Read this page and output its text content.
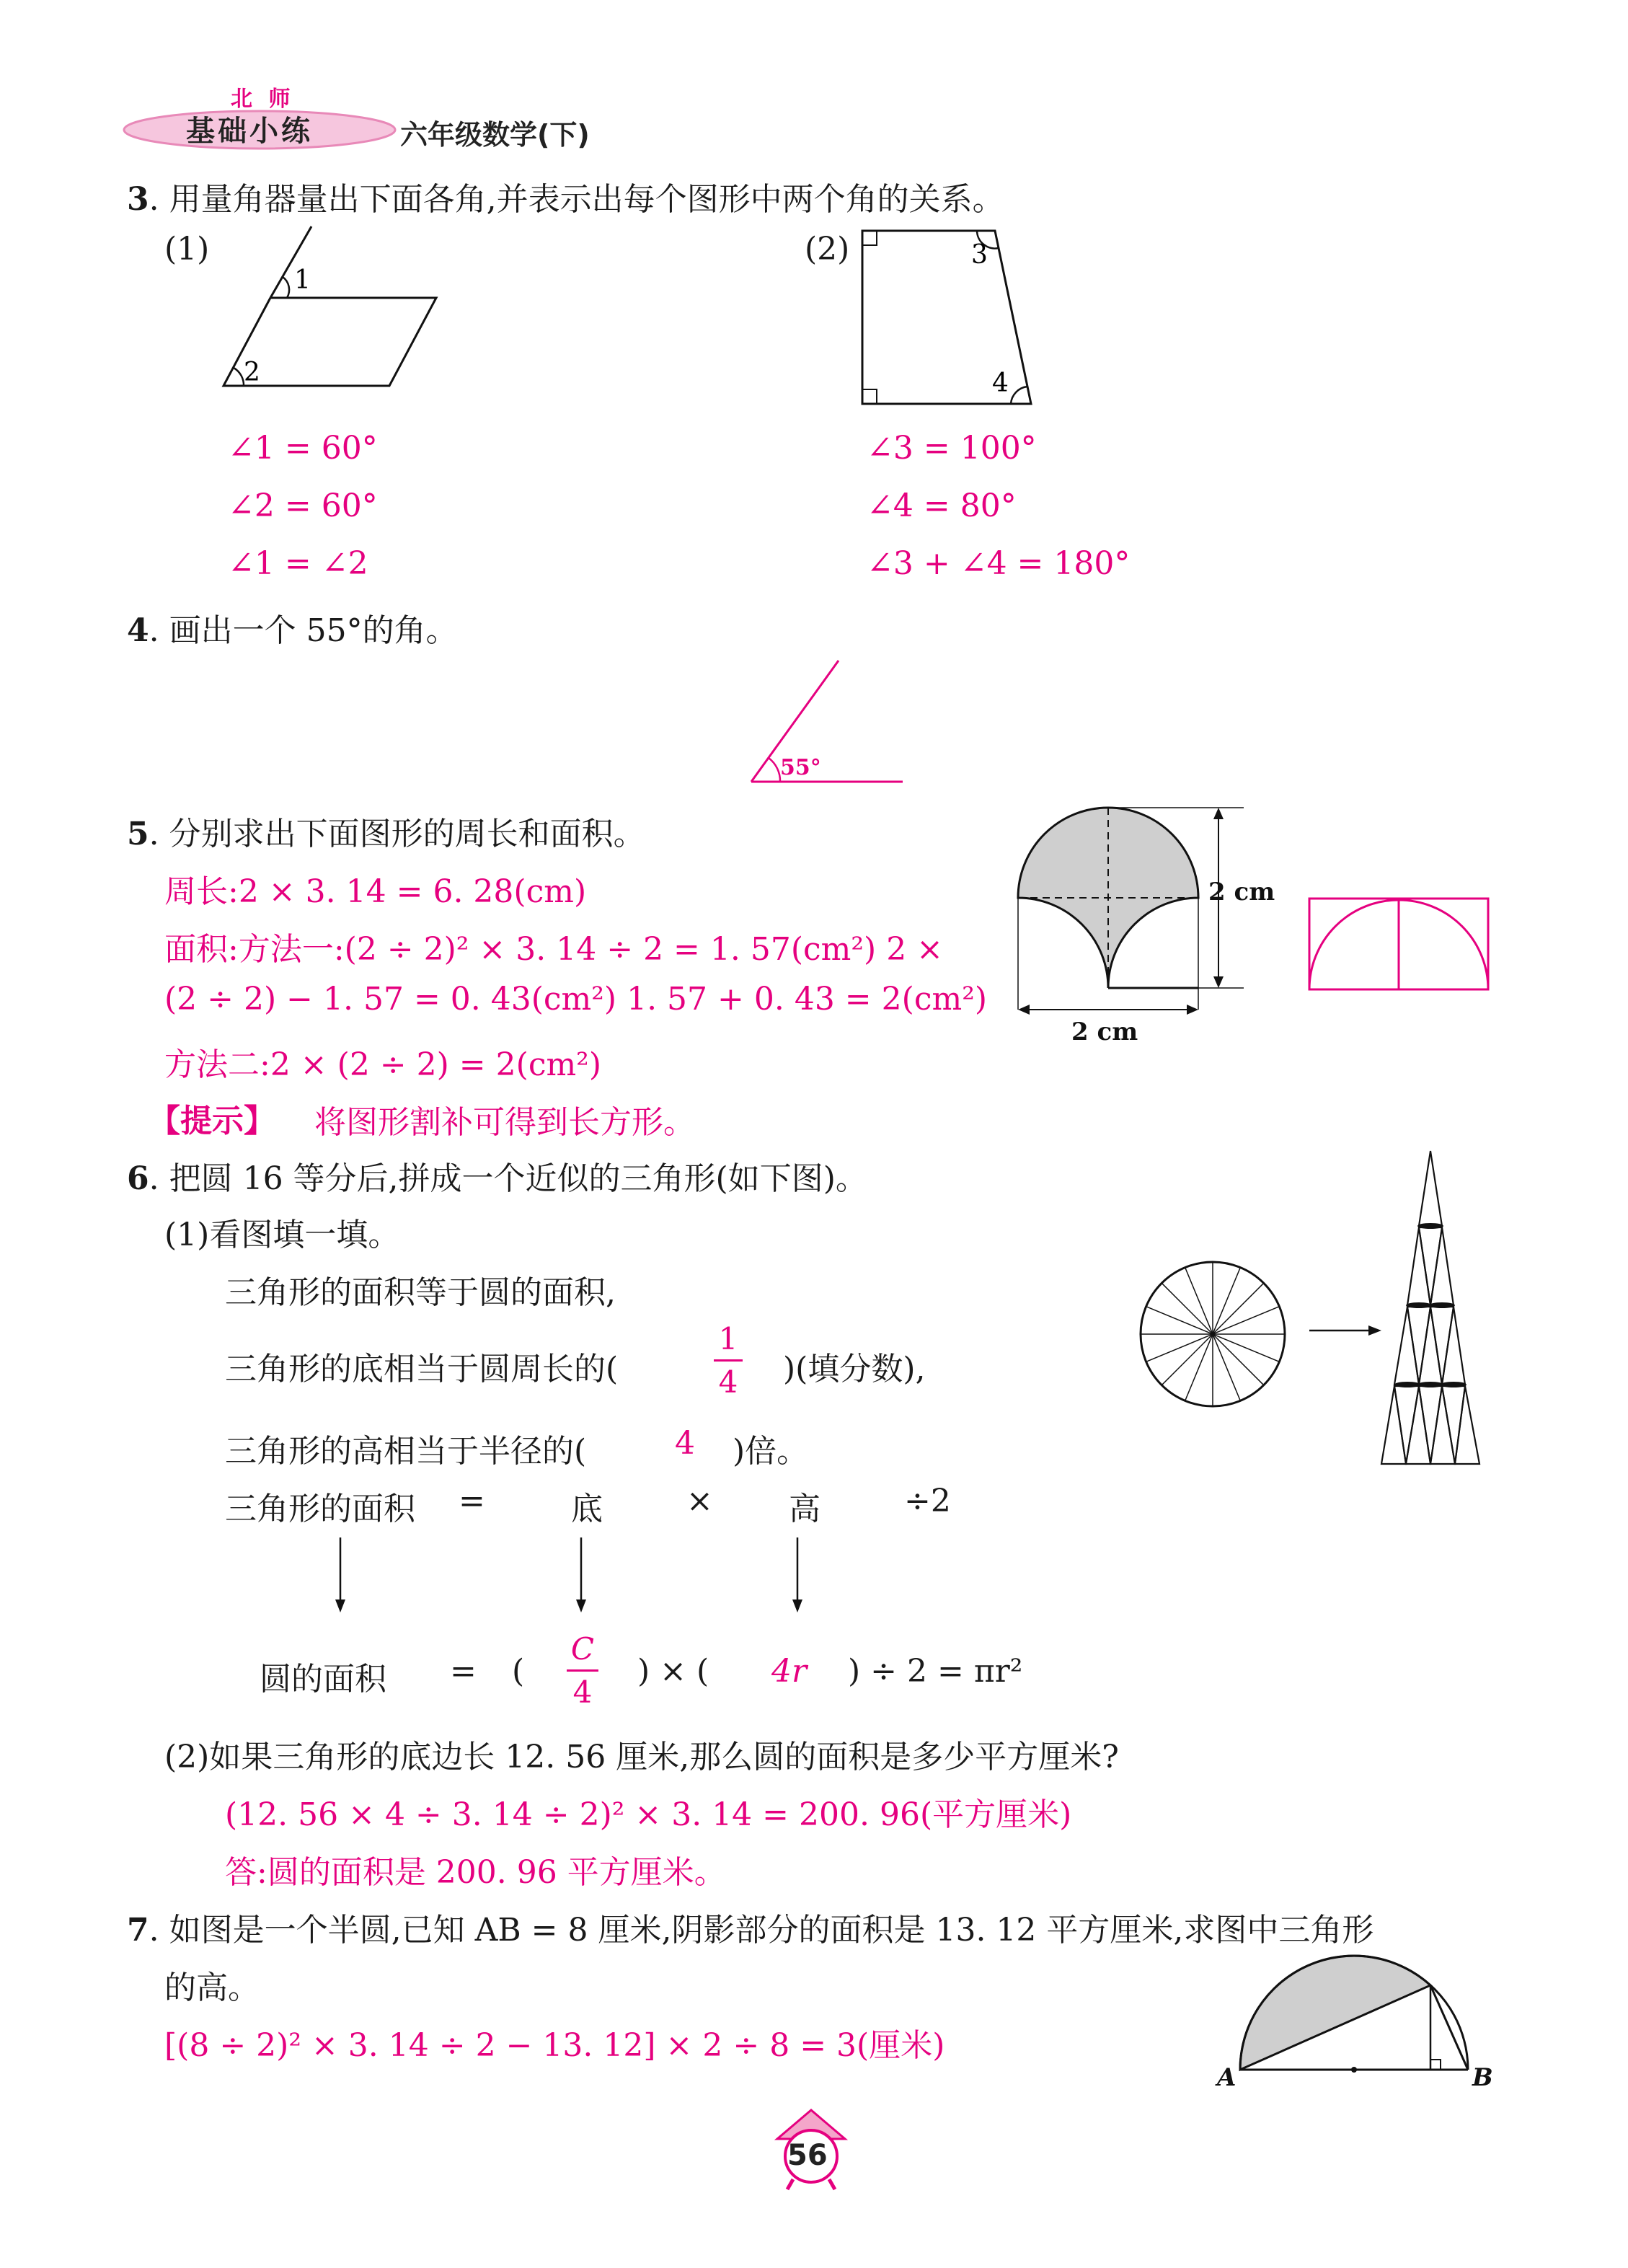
北 师
基础小练	六年级数学(下)
3. 用量角器量出下面各角,并表示出每个图形中两个角的关系。
(1)	(2)
1
2
3
4
∠1 = 60°
∠2 = 60°
∠1 = ∠2
∠3 = 100°
∠4 = 80°
∠3 + ∠4 = 180°
4. 画出一个 55°的角。
55°
5. 分别求出下面图形的周长和面积。
周长:2 × 3. 14 = 6. 28(cm)
面积:方法一:(2 ÷ 2)² × 3. 14 ÷ 2 = 1. 57(cm²) 2 ×
(2 ÷ 2) − 1. 57 = 0. 43(cm²) 1. 57 + 0. 43 = 2(cm²)
方法二:2 × (2 ÷ 2) = 2(cm²)
【提示】 将图形割补可得到长方形。
2 cm
2 cm
6. 把圆 16 等分后,拼成一个近似的三角形(如下图)。
(1)看图填一填。
三角形的面积等于圆的面积,
三角形的底相当于圆周长的(
1
4 )(填分数),
三角形的高相当于半径的(	4 )倍。
三角形的面积 =	底	× 高	÷2
圆的面积 = (
C
4
) × ( 4r ) ÷ 2 = πr²
(2)如果三角形的底边长 12. 56 厘米,那么圆的面积是多少平方厘米?
(12. 56 × 4 ÷ 3. 14 ÷ 2)² × 3. 14 = 200. 96(平方厘米)
答:圆的面积是 200. 96 平方厘米。
7. 如图是一个半圆,已知 AB = 8 厘米,阴影部分的面积是 13. 12 平方厘米,求图中三角形
的高。
[(8 ÷ 2)² × 3. 14 ÷ 2 − 13. 12] × 2 ÷ 8 = 3(厘米)
A	B
56
